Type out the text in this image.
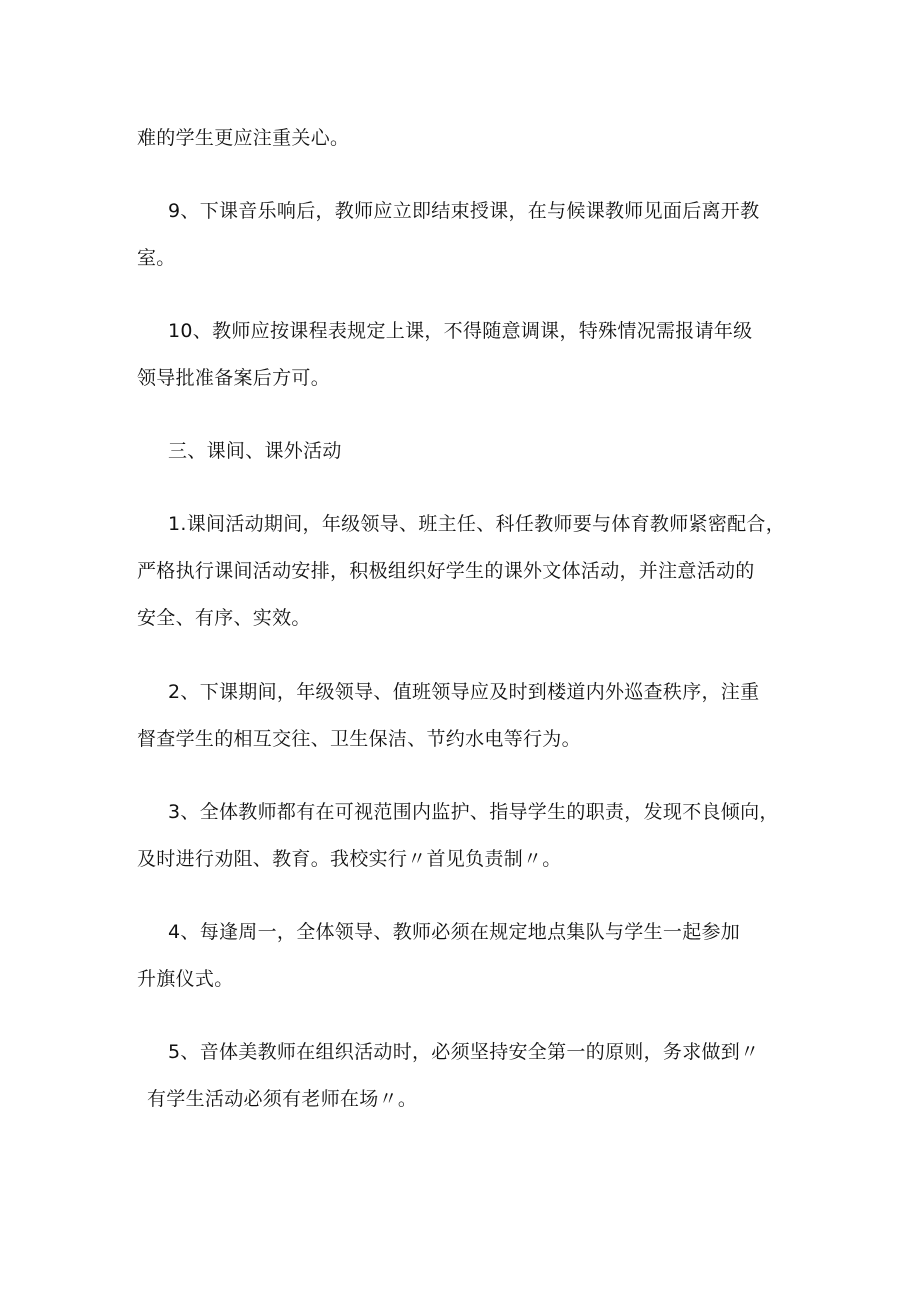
难的学生更应注重关心。
9、下课音乐响后，教师应立即结束授课，在与候课教师见面后离开教
室。
10、教师应按课程表规定上课，不得随意调课，特殊情况需报请年级
领导批准备案后方可。
三、课间、课外活动
1.课间活动期间，年级领导、班主任、科任教师要与体育教师紧密配合，
严格执行课间活动安排，积极组织好学生的课外文体活动，并注意活动的
安全、有序、实效。
2、下课期间，年级领导、值班领导应及时到楼道内外巡查秩序，注重
督查学生的相互交往、卫生保洁、节约水电等行为。
3、全体教师都有在可视范围内监护、指导学生的职责，发现不良倾向，
及时进行劝阻、教育。我校实行〃首见负责制〃。
4、每逢周一，全体领导、教师必须在规定地点集队与学生一起参加
升旗仪式。
5、音体美教师在组织活动时，必须坚持安全第一的原则，务求做到〃
有学生活动必须有老师在场〃。
